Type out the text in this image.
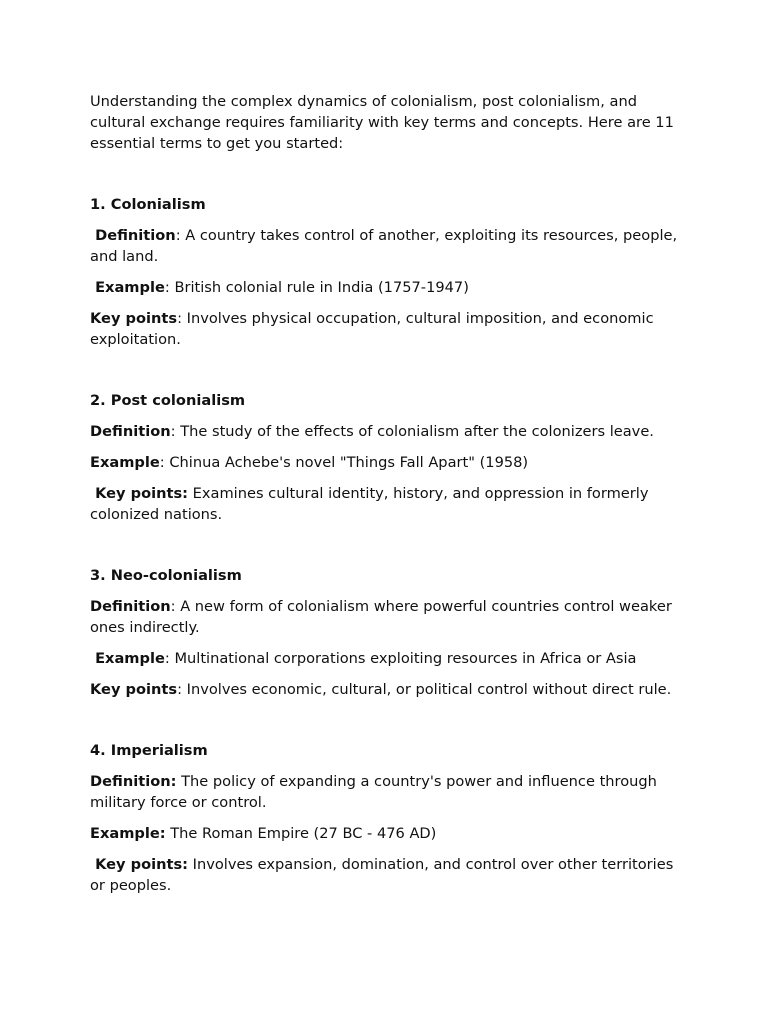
Understanding the complex dynamics of colonialism, post colonialism, and cultural exchange requires familiarity with key terms and concepts. Here are 11 essential terms to get you started:

1. Colonialism

Definition: A country takes control of another, exploiting its resources, people, and land.

Example: British colonial rule in India (1757-1947)

Key points: Involves physical occupation, cultural imposition, and economic exploitation.

2. Post colonialism

Definition: The study of the effects of colonialism after the colonizers leave.

Example: Chinua Achebe's novel "Things Fall Apart" (1958)

Key points: Examines cultural identity, history, and oppression in formerly colonized nations.

3. Neo-colonialism

Definition: A new form of colonialism where powerful countries control weaker ones indirectly.

Example: Multinational corporations exploiting resources in Africa or Asia

Key points: Involves economic, cultural, or political control without direct rule.

4. Imperialism

Definition: The policy of expanding a country's power and influence through military force or control.

Example: The Roman Empire (27 BC - 476 AD)

Key points: Involves expansion, domination, and control over other territories or peoples.
